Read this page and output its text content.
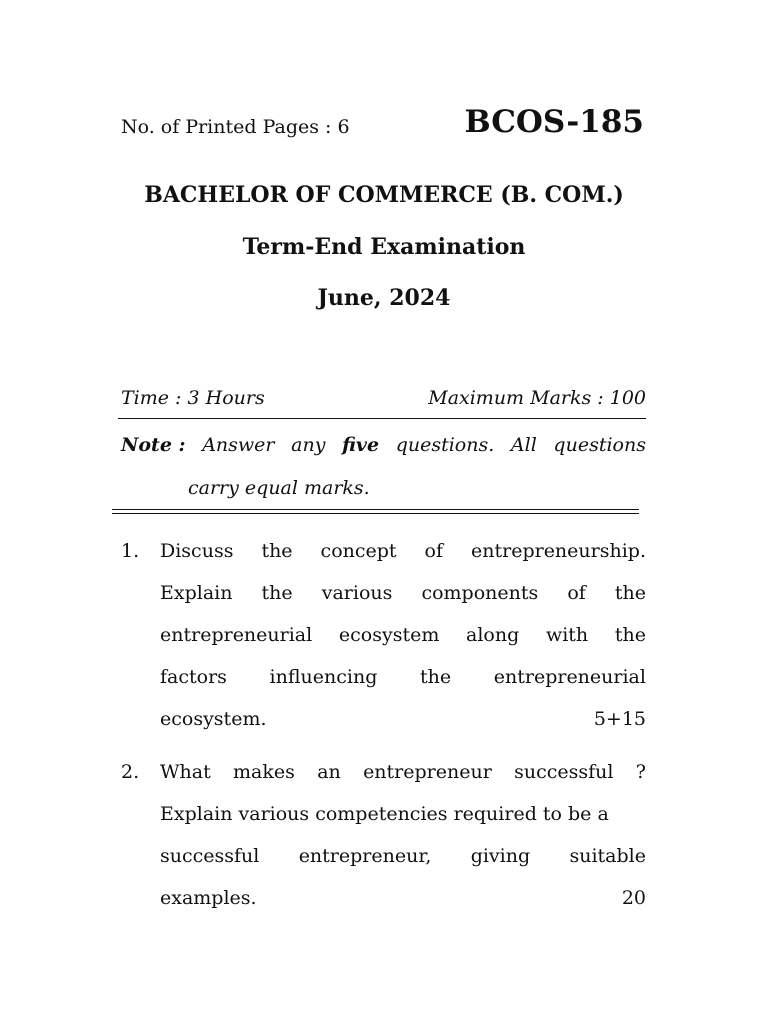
No. of Printed Pages : 6	BCOS-185
BACHELOR OF COMMERCE (B. COM.)
Term-End Examination
June, 2024
Time : 3 Hours	Maximum Marks : 100
Note : Answer any five questions. All questions
carry equal marks.
1. Discuss the concept of entrepreneurship.
Explain the various components of the
entrepreneurial ecosystem along with the
factors influencing the entrepreneurial
ecosystem.	5+15
2. What makes an entrepreneur successful ?
Explain various competencies required to be a
successful entrepreneur, giving suitable
examples.	20
